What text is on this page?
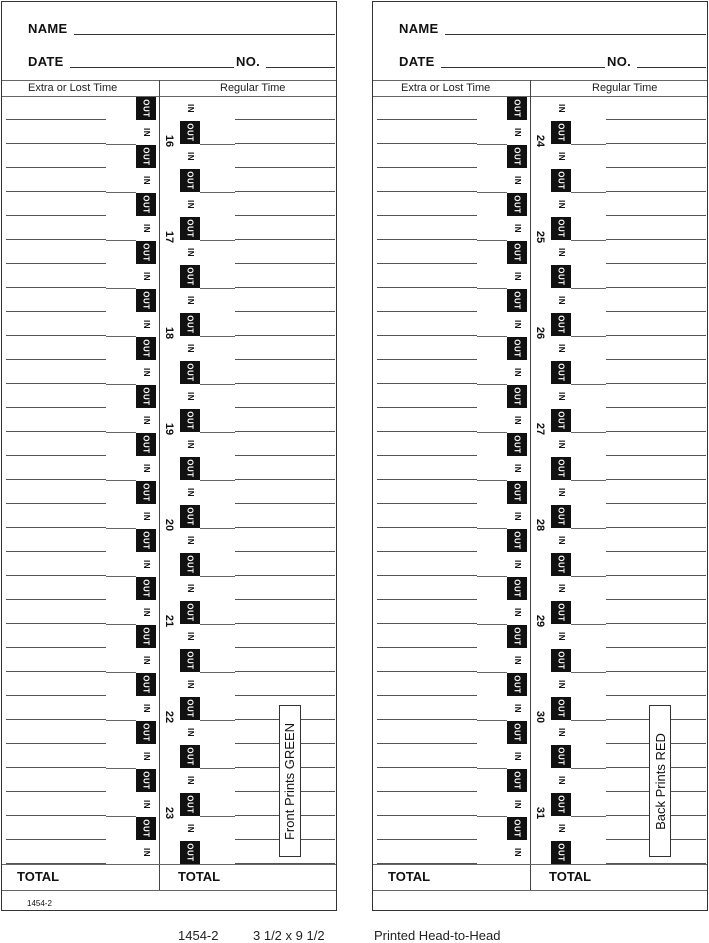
NAME
DATE	NO.
Extra or Lost Time	Regular Time
OUT	IN
IN	OUT
OUT	IN
IN	OUT
OUT	IN
IN	OUT
OUT	IN
IN	OUT
OUT	IN
IN	OUT
OUT	IN
IN	OUT
OUT	IN
IN	OUT
OUT	IN
IN	OUT
OUT	IN
IN	OUT
OUT	IN
IN	OUT
OUT	IN
IN	OUT
OUT	IN
IN	OUT
OUT	IN
IN	OUT
OUT	IN
IN	OUT
OUT	IN
IN	OUT
OUT	IN
IN	OUT
16
17
18
19
20
21
22
23
TOTAL	TOTAL
1454-2
Front Prints GREEN
NAME
DATE	NO.
Extra or Lost Time	Regular Time
OUT	IN
IN	OUT
OUT	IN
IN	OUT
OUT	IN
IN	OUT
OUT	IN
IN	OUT
OUT	IN
IN	OUT
OUT	IN
IN	OUT
OUT	IN
IN	OUT
OUT	IN
IN	OUT
OUT	IN
IN	OUT
OUT	IN
IN	OUT
OUT	IN
IN	OUT
OUT	IN
IN	OUT
OUT	IN
IN	OUT
OUT	IN
IN	OUT
OUT	IN
IN	OUT
OUT	IN
IN	OUT
24
25
26
27
28
29
30
31
TOTAL	TOTAL
Back Prints RED
1454-2	3 1/2 x 9 1/2	Printed Head-to-Head
